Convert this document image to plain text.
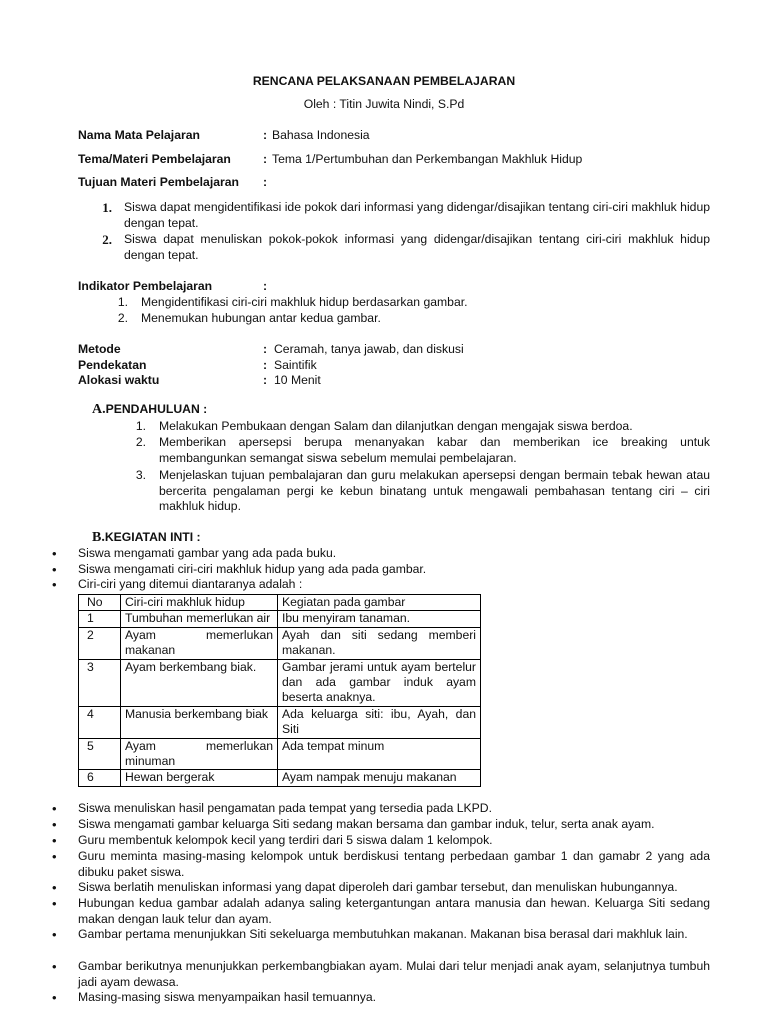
RENCANA PELAKSANAAN PEMBELAJARAN
Oleh : Titin Juwita Nindi, S.Pd
Nama Mata Pelajaran	: Bahasa Indonesia
Tema/Materi Pembelajaran	: Tema 1/Pertumbuhan dan Perkembangan Makhluk Hidup
Tujuan Materi Pembelajaran :
1. Siswa dapat mengidentifikasi ide pokok dari informasi yang didengar/disajikan tentang ciri-ciri makhluk hidup dengan tepat.
2. Siswa dapat menuliskan pokok-pokok informasi yang didengar/disajikan tentang ciri-ciri makhluk hidup dengan tepat.
Indikator Pembelajaran	:
1. Mengidentifikasi ciri-ciri makhluk hidup berdasarkan gambar.
2. Menemukan hubungan antar kedua gambar.
Metode	: Ceramah, tanya jawab, dan diskusi
Pendekatan	: Saintifik
Alokasi waktu	: 10 Menit
A.PENDAHULUAN :
1. Melakukan Pembukaan dengan Salam dan dilanjutkan dengan mengajak siswa berdoa.
2. Memberikan apersepsi berupa menanyakan kabar dan memberikan ice breaking untuk membangunkan semangat siswa sebelum memulai pembelajaran.
3. Menjelaskan tujuan pembalajaran dan guru melakukan apersepsi dengan bermain tebak hewan atau bercerita pengalaman pergi ke kebun binatang untuk mengawali pembahasan tentang ciri – ciri makhluk hidup.
B.KEGIATAN INTI :
• Siswa mengamati gambar yang ada pada buku.
• Siswa mengamati ciri-ciri makhluk hidup yang ada pada gambar.
• Ciri-ciri yang ditemui diantaranya adalah :
No	Ciri-ciri makhluk hidup	Kegiatan pada gambar
1	Tumbuhan memerlukan air	Ibu menyiram tanaman.
2	Ayam memerlukan makanan	Ayah dan siti sedang memberi makanan.
3	Ayam berkembang biak.	Gambar jerami untuk ayam bertelur dan ada gambar induk ayam beserta anaknya.
4	Manusia berkembang biak	Ada keluarga siti: ibu, Ayah, dan Siti
5	Ayam memerlukan minuman	Ada tempat minum
6	Hewan bergerak	Ayam nampak menuju makanan
• Siswa menuliskan hasil pengamatan pada tempat yang tersedia pada LKPD.
• Siswa mengamati gambar keluarga Siti sedang makan bersama dan gambar induk, telur, serta anak ayam.
• Guru membentuk kelompok kecil yang terdiri dari 5 siswa dalam 1 kelompok.
• Guru meminta masing-masing kelompok untuk berdiskusi tentang perbedaan gambar 1 dan gamabr 2 yang ada dibuku paket siswa.
• Siswa berlatih menuliskan informasi yang dapat diperoleh dari gambar tersebut, dan menuliskan hubungannya.
• Hubungan kedua gambar adalah adanya saling ketergantungan antara manusia dan hewan. Keluarga Siti sedang makan dengan lauk telur dan ayam.
• Gambar pertama menunjukkan Siti sekeluarga membutuhkan makanan. Makanan bisa berasal dari makhluk lain.
• Gambar berikutnya menunjukkan perkembangbiakan ayam. Mulai dari telur menjadi anak ayam, selanjutnya tumbuh jadi ayam dewasa.
• Masing-masing siswa menyampaikan hasil temuannya.
